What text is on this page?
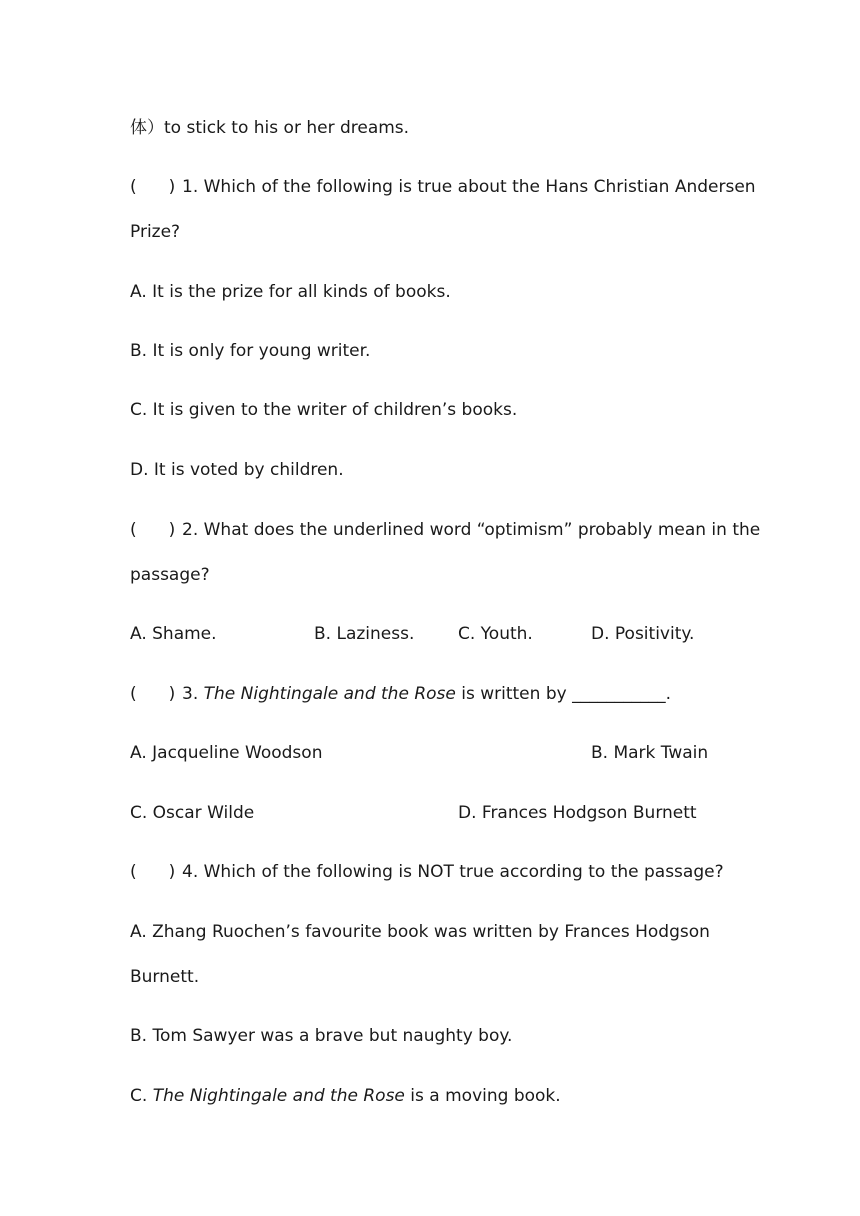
体）to stick to his or her dreams.
( ) 1. Which of the following is true about the Hans Christian Andersen
Prize?
A. It is the prize for all kinds of books.
B. It is only for young writer.
C. It is given to the writer of children’s books.
D. It is voted by children.
( ) 2. What does the underlined word “optimism” probably mean in the
passage?
A. Shame.	B. Laziness.	C. Youth.	D. Positivity.
( ) 3. The Nightingale and the Rose is written by ___________.
A. Jacqueline Woodson	B. Mark Twain
C. Oscar Wilde	D. Frances Hodgson Burnett
( ) 4. Which of the following is NOT true according to the passage?
A. Zhang Ruochen’s favourite book was written by Frances Hodgson
Burnett.
B. Tom Sawyer was a brave but naughty boy.
C. The Nightingale and the Rose is a moving book.
